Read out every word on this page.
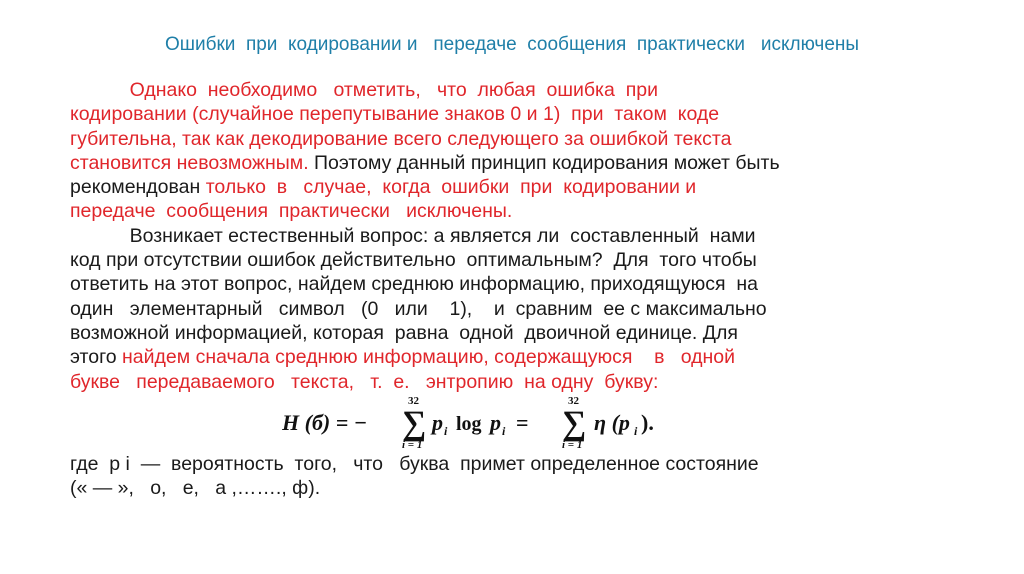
Ошибки  при  кодировании и   передаче  сообщения  практически   исключены
Однако  необходимо   отметить,   что  любая  ошибка  при
кодировании (случайное перепутывание знаков 0 и 1)  при  таком  коде
губительна, так как декодирование всего следующего за ошибкой текста
становится невозможным. Поэтому данный принцип кодирования может быть
рекомендован только  в   случае,  когда  ошибки  при  кодировании и
передаче  сообщения  практически   исключены.
Возникает естественный вопрос: а является ли  составленный  нами
код при отсутствии ошибок действительно  оптимальным?  Для  того чтобы
ответить на этот вопрос, найдем среднюю информацию, приходящуюся  на
один   элементарный   символ   (0   или    1),    и  сравним  ее с максимально
возможной информацией, которая  равна  одной  двоичной единице. Для
этого найдем сначала среднюю информацию, содержащуюся    в   одной
букве   передаваемого   текста,   т.  е.   энтропию  на одну  букву:
H (б) = −
32
∑
i = 1
p i log p i =
32
∑
i = 1
η (p i ).
где  р i  —  вероятность  того,   что   буква  примет определенное состояние
(« — »,   о,   е,   а ,……., ф).
